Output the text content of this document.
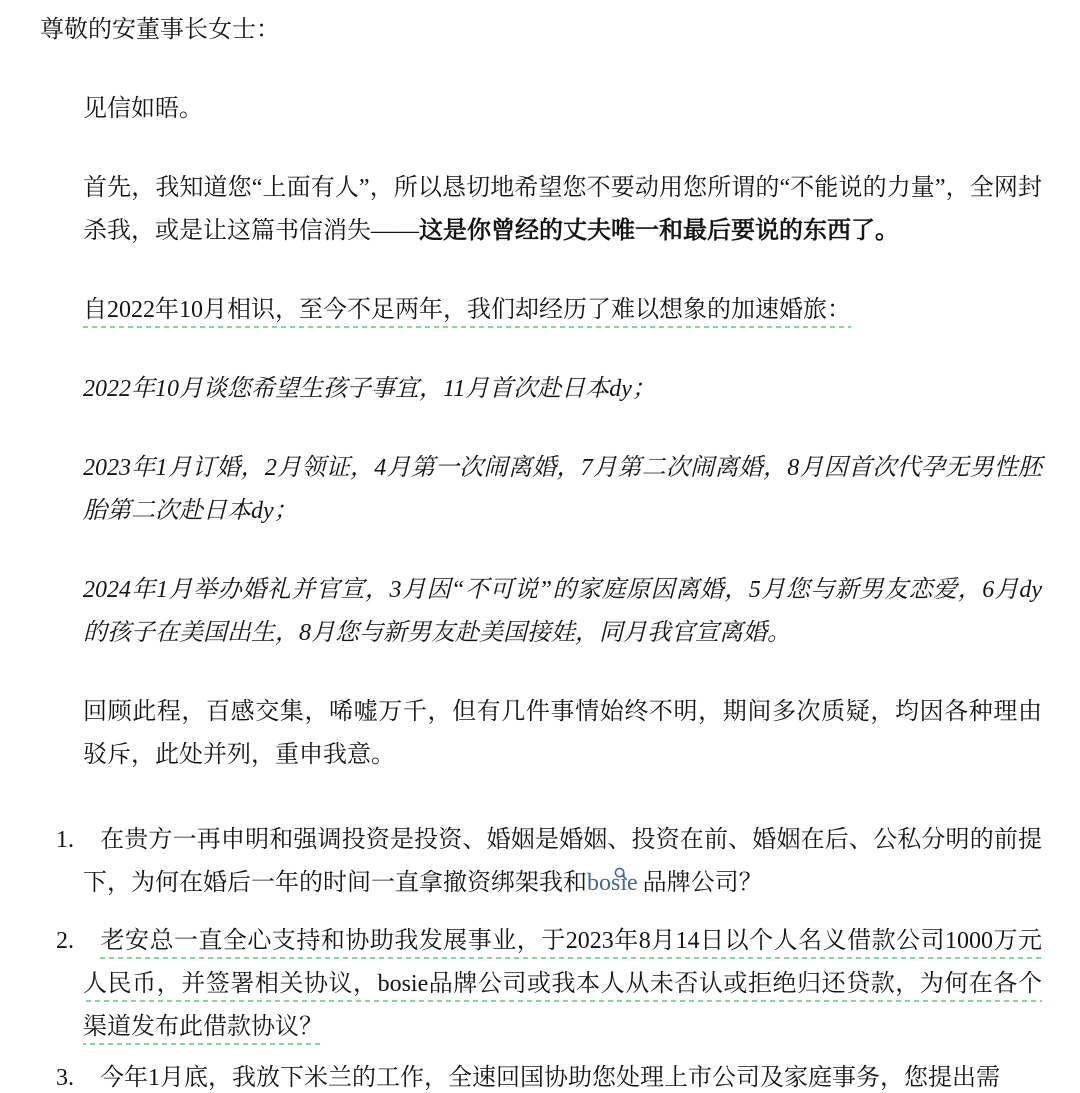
尊敬的安董事长女士：

见信如晤。

首先，我知道您“上面有人”，所以恳切地希望您不要动用您所谓的“不能说的力量”，全网封杀我，或是让这篇书信消失——这是你曾经的丈夫唯一和最后要说的东西了。

自2022年10月相识，至今不足两年，我们却经历了难以想象的加速婚旅：

2022年10月谈您希望生孩子事宜，11月首次赴日本dy；

2023年1月订婚，2月领证，4月第一次闹离婚，7月第二次闹离婚，8月因首次代孕无男性胚胎第二次赴日本dy；

2024年1月举办婚礼并官宣，3月因“不可说”的家庭原因离婚，5月您与新男友恋爱，6月dy的孩子在美国出生，8月您与新男友赴美国接娃，同月我官宣离婚。

回顾此程，百感交集，唏嘘万千，但有几件事情始终不明，期间多次质疑，均因各种理由驳斥，此处并列，重申我意。

1. 在贵方一再申明和强调投资是投资、婚姻是婚姻、投资在前、婚姻在后、公私分明的前提下，为何在婚后一年的时间一直拿撤资绑架我和bosie 品牌公司？
2. 老安总一直全心支持和协助我发展事业，于2023年8月14日以个人名义借款公司1000万元人民币，并签署相关协议，bosie品牌公司或我本人从未否认或拒绝归还贷款，为何在各个渠道发布此借款协议？
3. 今年1月底，我放下米兰的工作，全速回国协助您处理上市公司及家庭事务，您提出需
